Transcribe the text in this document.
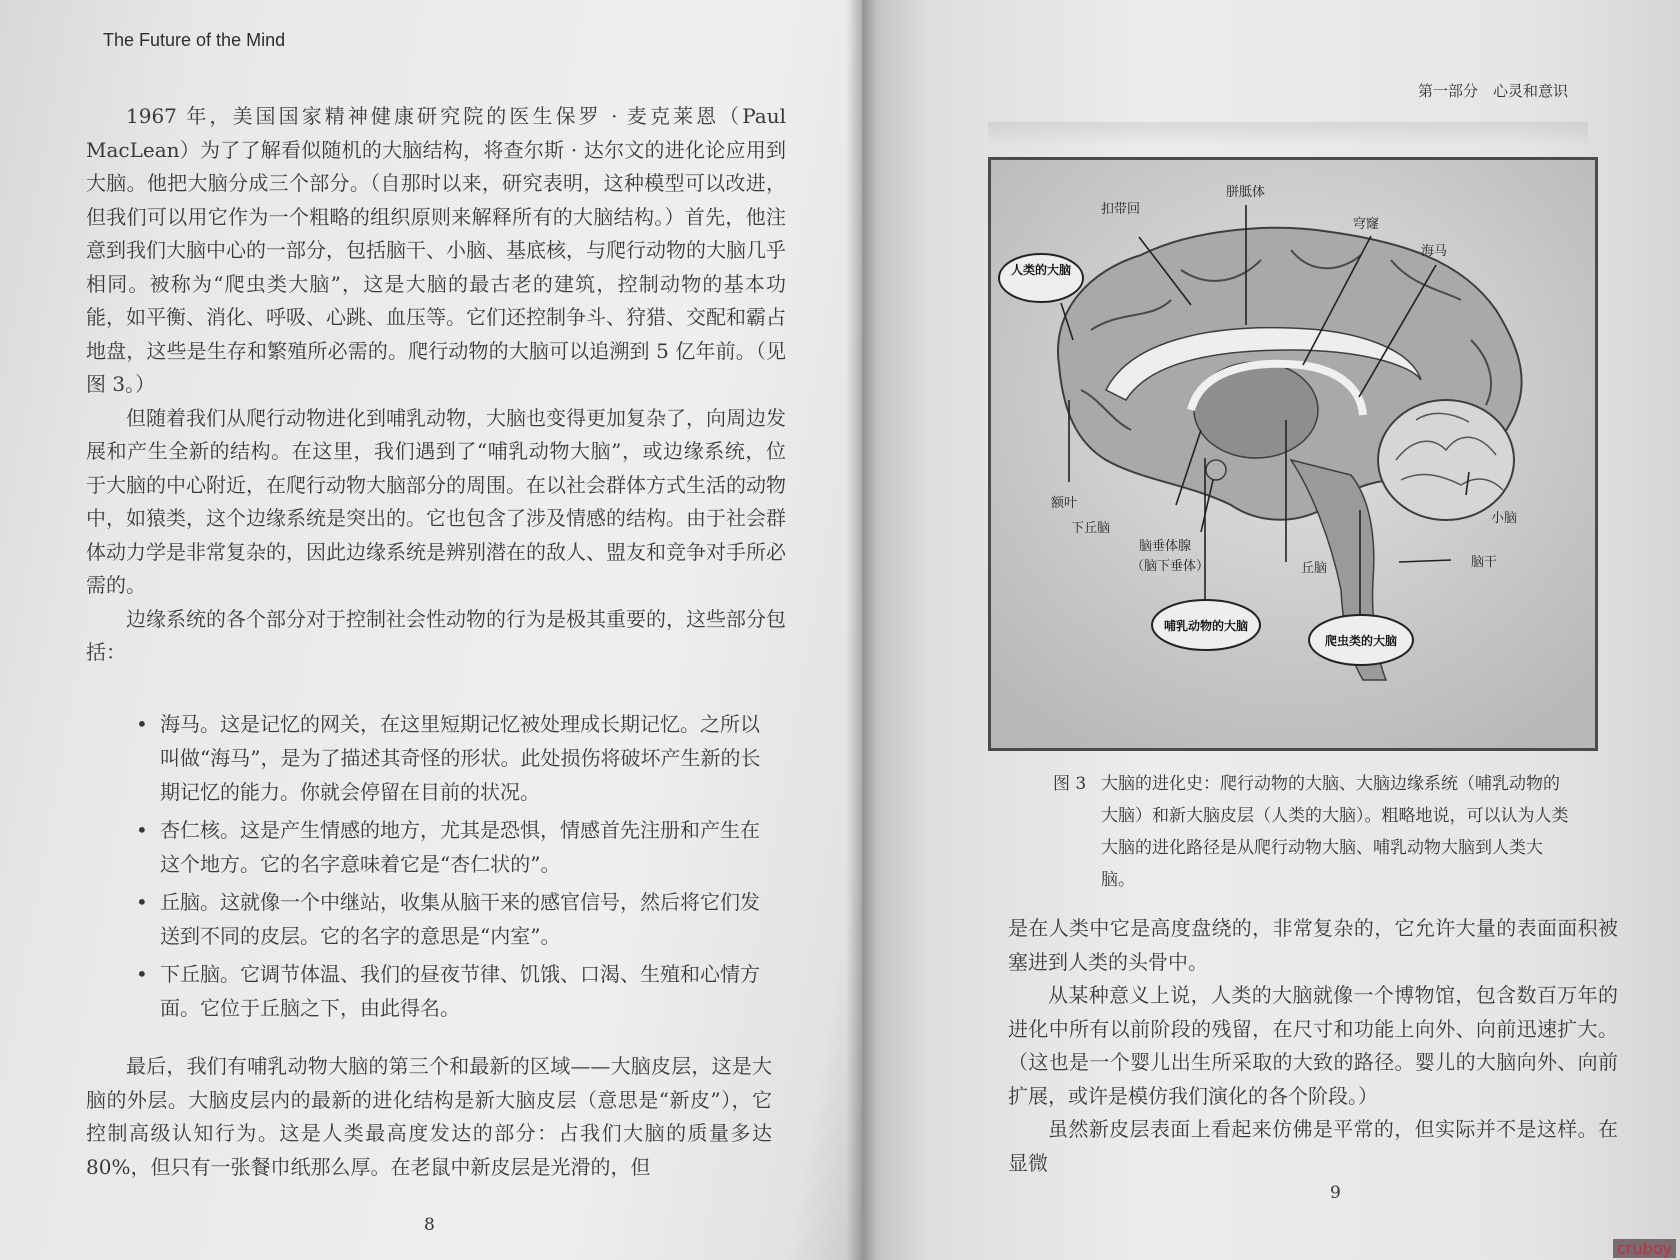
The Future of the Mind

1967 年，美国国家精神健康研究院的医生保罗 · 麦克莱恩（Paul MacLean）为了了解看似随机的大脑结构，将查尔斯 · 达尔文的进化论应用到大脑。他把大脑分成三个部分。（自那时以来，研究表明，这种模型可以改进，但我们可以用它作为一个粗略的组织原则来解释所有的大脑结构。）首先，他注意到我们大脑中心的一部分，包括脑干、小脑、基底核，与爬行动物的大脑几乎相同。被称为“爬虫类大脑”，这是大脑的最古老的建筑，控制动物的基本功能，如平衡、消化、呼吸、心跳、血压等。它们还控制争斗、狩猎、交配和霸占地盘，这些是生存和繁殖所必需的。爬行动物的大脑可以追溯到 5 亿年前。（见图 3。）

但随着我们从爬行动物进化到哺乳动物，大脑也变得更加复杂了，向周边发展和产生全新的结构。在这里，我们遇到了“哺乳动物大脑”，或边缘系统，位于大脑的中心附近，在爬行动物大脑部分的周围。在以社会群体方式生活的动物中，如猿类，这个边缘系统是突出的。它也包含了涉及情感的结构。由于社会群体动力学是非常复杂的，因此边缘系统是辨别潜在的敌人、盟友和竞争对手所必需的。

边缘系统的各个部分对于控制社会性动物的行为是极其重要的，这些部分包括：

• 海马。这是记忆的网关，在这里短期记忆被处理成长期记忆。之所以叫做“海马”，是为了描述其奇怪的形状。此处损伤将破坏产生新的长期记忆的能力。你就会停留在目前的状况。
• 杏仁核。这是产生情感的地方，尤其是恐惧，情感首先注册和产生在这个地方。它的名字意味着它是“杏仁状的”。
• 丘脑。这就像一个中继站，收集从脑干来的感官信号，然后将它们发送到不同的皮层。它的名字的意思是“内室”。
• 下丘脑。它调节体温、我们的昼夜节律、饥饿、口渴、生殖和心情方面。它位于丘脑之下，由此得名。

最后，我们有哺乳动物大脑的第三个和最新的区域——大脑皮层，这是大脑的外层。大脑皮层内的最新的进化结构是新大脑皮层（意思是“新皮”），它控制高级认知行为。这是人类最高度发达的部分：占我们大脑的质量多达 80%，但只有一张餐巾纸那么厚。在老鼠中新皮层是光滑的，但

8
第一部分　心灵和意识
扣带回
胼胝体
穹窿
海马
额叶
下丘脑
脑垂体腺
（脑下垂体）	丘脑
小脑
脑干
人类的大脑
哺乳动物的大脑
爬虫类的大脑
图 3 大脑的进化史：爬行动物的大脑、大脑边缘系统（哺乳动物的大脑）和新大脑皮层（人类的大脑）。粗略地说，可以认为人类大脑的进化路径是从爬行动物大脑、哺乳动物大脑到人类大脑。

是在人类中它是高度盘绕的，非常复杂的，它允许大量的表面面积被塞进到人类的头骨中。

从某种意义上说，人类的大脑就像一个博物馆，包含数百万年的进化中所有以前阶段的残留，在尺寸和功能上向外、向前迅速扩大。（这也是一个婴儿出生所采取的大致的路径。婴儿的大脑向外、向前扩展，或许是模仿我们演化的各个阶段。）

虽然新皮层表面上看起来仿佛是平常的，但实际并不是这样。在显微

9
cruboy
